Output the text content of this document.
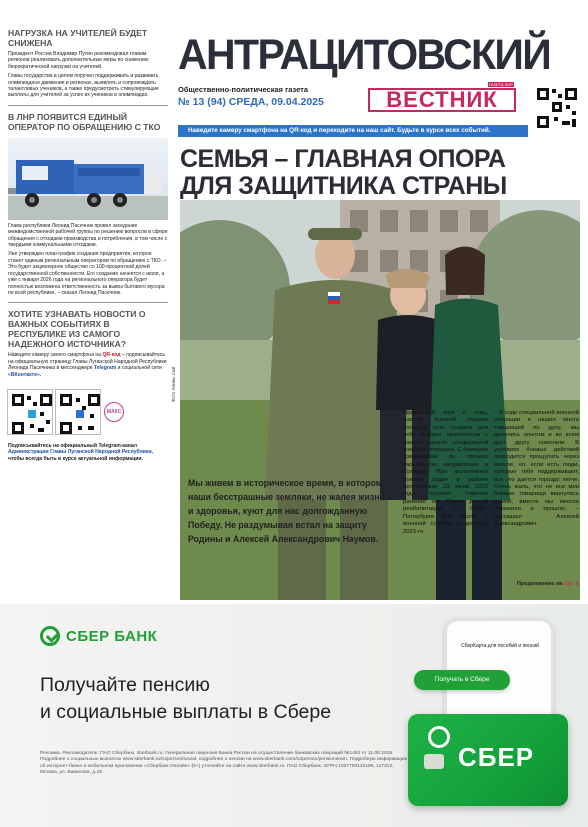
НАГРУЗКА НА УЧИТЕЛЕЙ БУДЕТ СНИЖЕНА

Президент России Владимир Путин рекомендовал главам регионов реализовать дополнительные меры по снижению бюрократической нагрузки на учителей.

Главы государства в целом поручил поддерживать и развивать олимпиадное движение в регионах, выявлять и сопровождать талантливых учеников, а также предусмотреть стимулирующие выплаты для учителей за успех их учеников в олимпиадах.

В ЛНР ПОЯВИТСЯ ЕДИНЫЙ ОПЕРАТОР ПО ОБРАЩЕНИЮ С ТКО

Глава республики Леонид Пасечник провел заседание межведомственной рабочей группы по решению вопросов в сфере обращения с отходами производства и потребления, в том числе с твердыми коммунальными отходами.

Уже утвержден план-график создания предприятия, которое станет единым региональным оператором по обращению с ТКО. – Это будет акционерное общество со 100-процентной долей государственной собственности. Его создание начнется с июля, а уже с января 2026 года на регионального оператора будет полностью возложена ответственность за вывоз бытового мусора по всей республике, – сказал Леонид Пасечник.

ХОТИТЕ УЗНАВАТЬ НОВОСТИ О ВАЖНЫХ СОБЫТИЯХ В РЕСПУБЛИКЕ ИЗ САМОГО НАДЕЖНОГО ИСТОЧНИКА?

Наведите камеру своего смартфона на QR-код – подписывайтесь на официальную страницу Главы Луганской Народной Республики Леонида Пасечника в мессенджере Telegram и социальной сети «ВКонтакте».

МАКС

Подписывайтесь на официальный Telegram-канал Администрации Главы Луганской Народной Республики, чтобы всегда быть в курсе актуальной информации.

АНТРАЦИТОВСКИЙ
Общественно-политическая газета
№ 13 (94) СРЕДА, 09.04.2025	ВЕСТНИК
ГАЗЕТА ЛНР
Наведите камеру смартфона на QR-код и переходите на наш сайт. Будьте в курсе всех событий.
СЕМЬЯ – ГЛАВНАЯ ОПОРА
ДЛЯ ЗАЩИТНИКА СТРАНЫ
Фото Алины Сай
Мы живем в историческое время, в котором наши бесстрашные земляки, не жалея жизни и здоровья, куют для нас долгожданную Победу. Не раздумывая встал на защиту Родины и Алексей Александрович Наумов.
Примерный муж и отец, шахтер Алексей Наумов сложный путь солдата для себя выбрал практически с самого начала специальной военной операции. С боевыми товарищами он прошел харьковское направление и Соледар. При выполнении боевых задач в районе Белогоровки 23 июня 2023 года получил тяжелое ранение ног. После долгой реабилитации в Санкт-Петербурге был уволен с военной службы в декабре 2023-го.
– В ходе специальной военной операции я нашел много товарищей по духу, мы делились опытом и во всем друг другу помогали. В условиях боевых действий приходится прощупать через многое, но, если есть люди, которые тебя поддерживают, все это дается гораздо легче. Очень жаль, что не все мои боевые товарищи вернулись домой, вместе мы многое пережили и прошли, – рассказал Алексей Александрович.
Продолжение на стр. 6
СБЕР БАНК
Получайте пенсию
и социальные выплаты в Сбере
Реклама. Рекламодатель: ПАО Сбербанк, sberbank.ru. Генеральная лицензия Банка России на осуществление банковских операций №1481 от 11.08.2015. Подробнее о социальных выплатах www.sberbank.ru/ru/person/social, подробнее о пенсии на www.sberbank.com/ru/person/pensioneram. Подробную информацию об интернет-банке и мобильном приложении «Сбербанк Онлайн» (6+) уточняйте на сайте www.sberbank.ru. ПАО Сбербанк. ОГРН 1027700132195, 117312, Москва, ул. Вавилова, д.19
СберКарта для пособий и пенсий
Получать в Сбере
СБЕР
